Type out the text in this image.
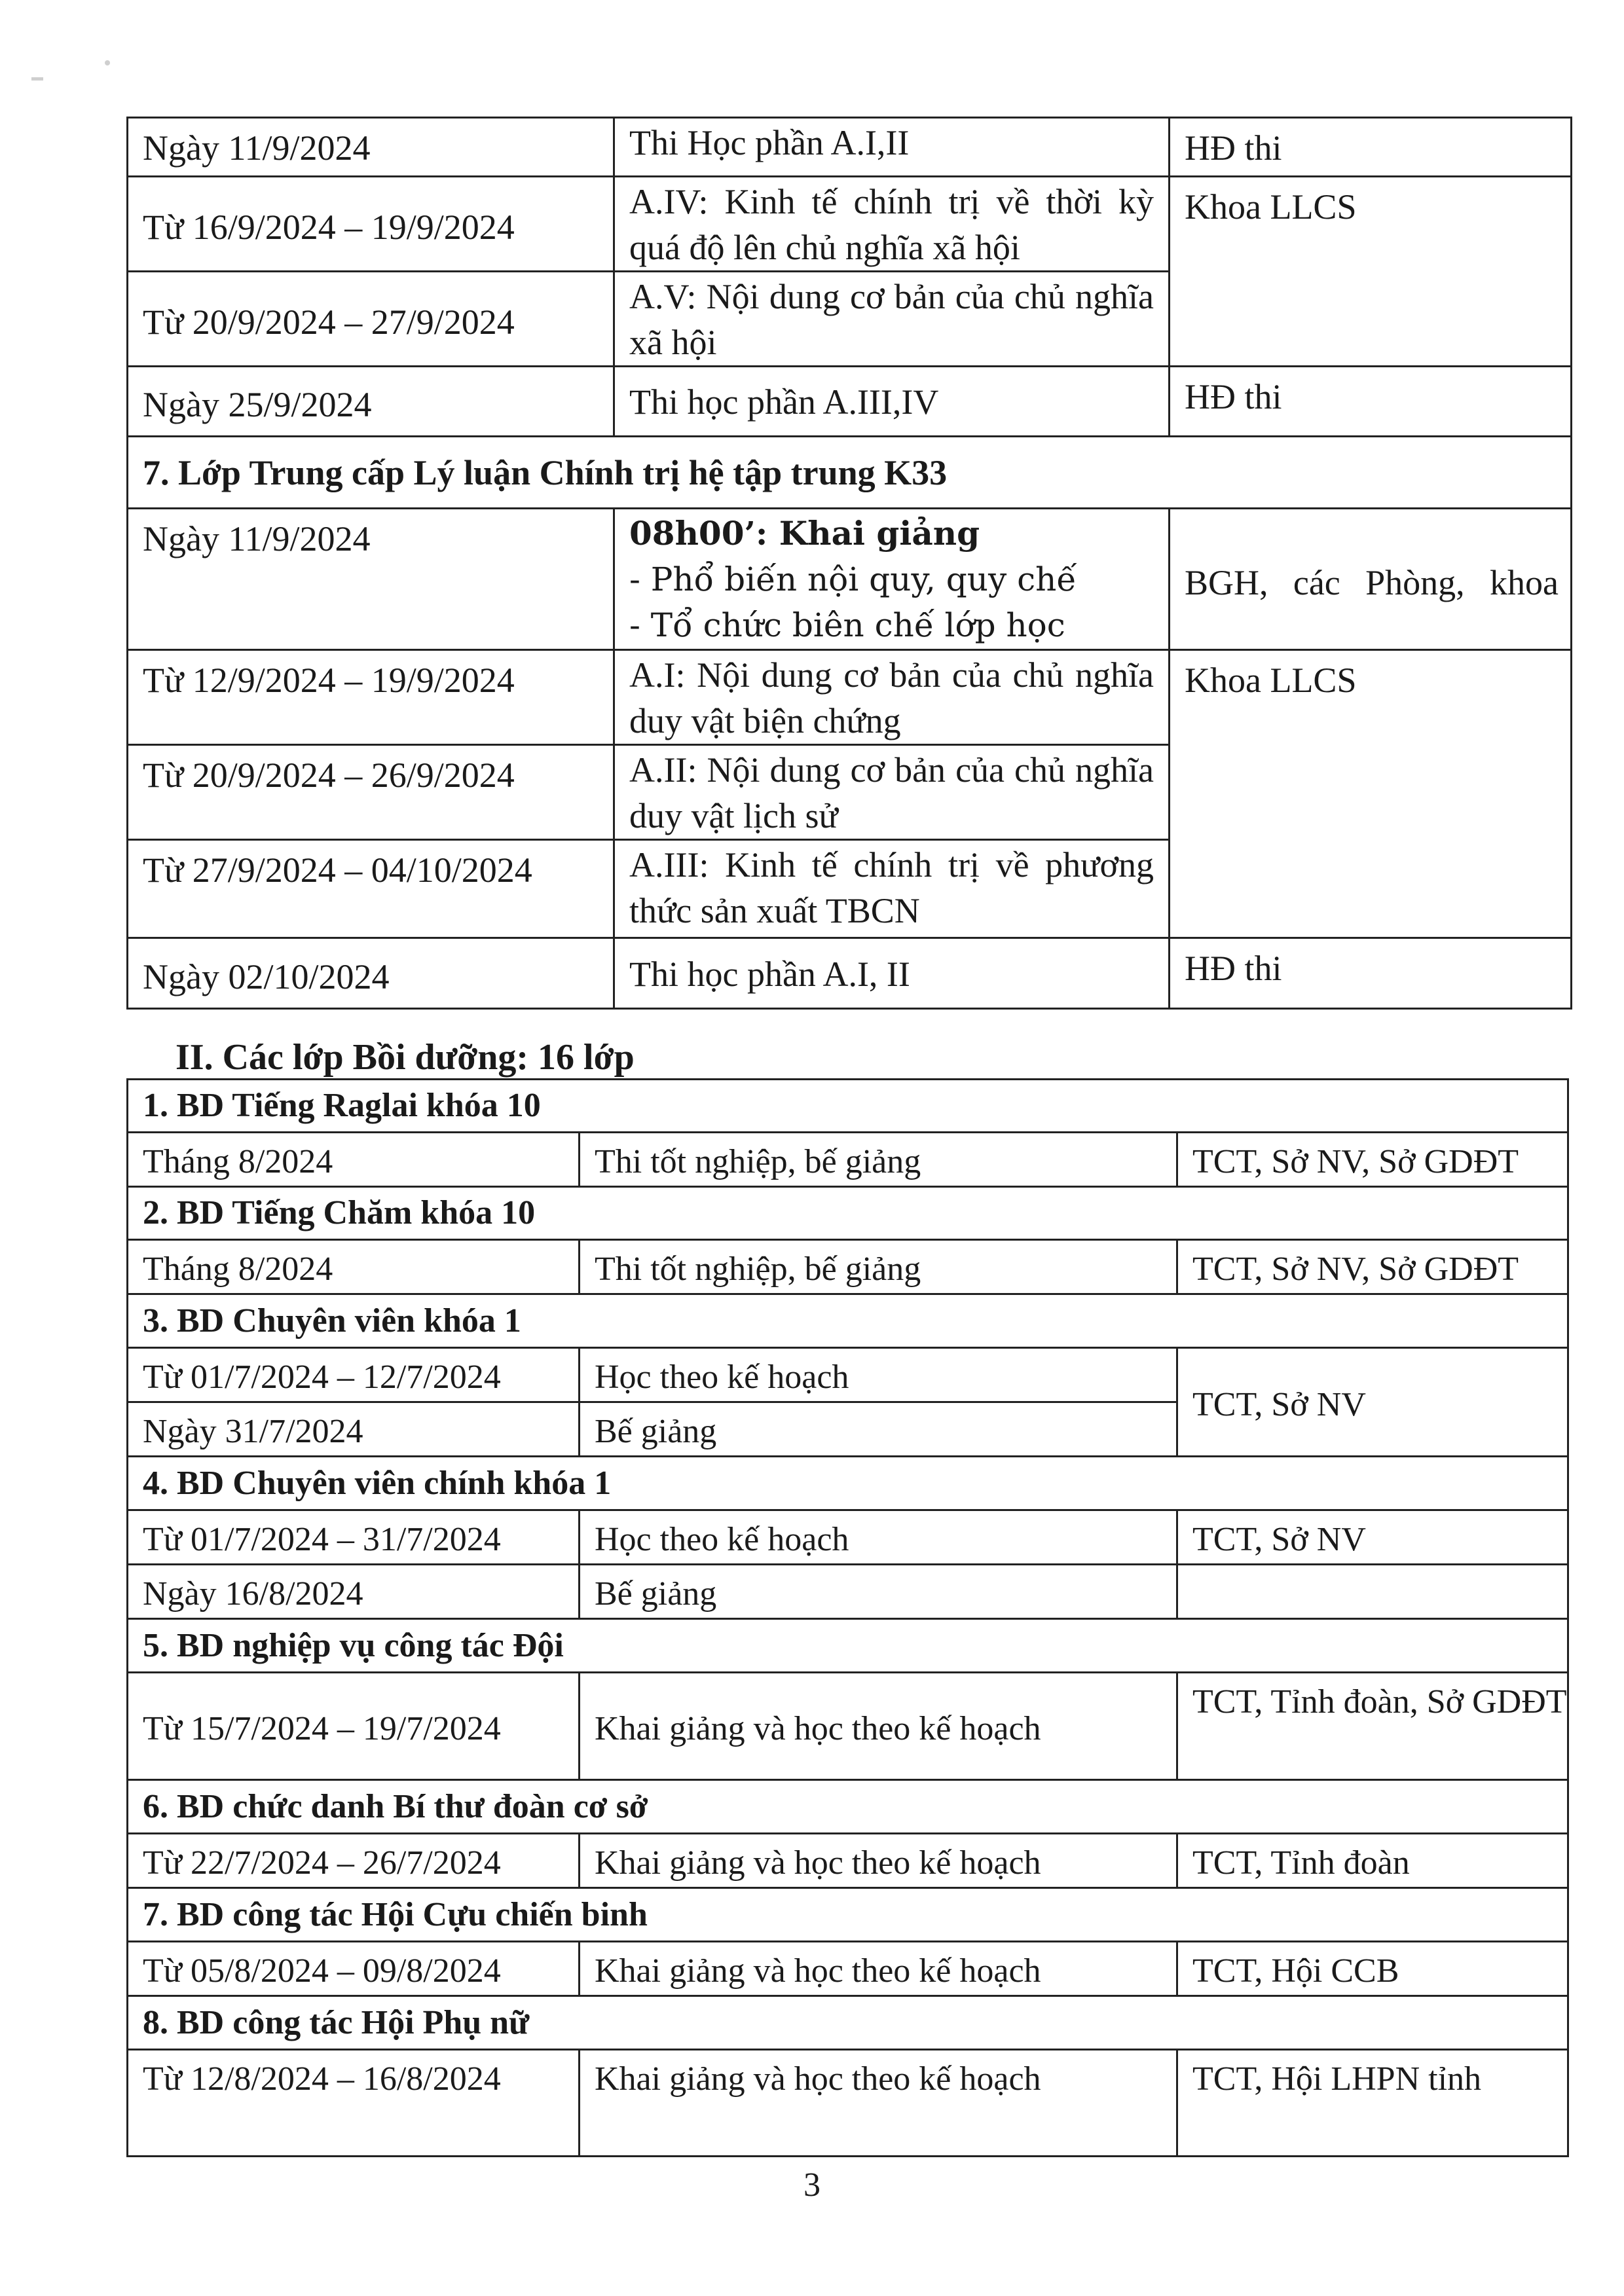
Ngày 11/9/2024	Thi Học phần A.I,II	HĐ thi
Từ 16/9/2024 – 19/9/2024	A.IV: Kinh tế chính trị về thời kỳ quá độ lên chủ nghĩa xã hội	Khoa LLCS
Từ 20/9/2024 – 27/9/2024	A.V: Nội dung cơ bản của chủ nghĩa xã hội	
Ngày 25/9/2024	Thi học phần A.III,IV	HĐ thi
7. Lớp Trung cấp Lý luận Chính trị hệ tập trung K33		
Ngày 11/9/2024	08h00’: Khai giảng
- Phổ biến nội quy, quy chế
- Tổ chức biên chế lớp học	BGH, các Phòng, khoa

Từ 12/9/2024 – 19/9/2024	A.I: Nội dung cơ bản của chủ nghĩa duy vật biện chứng	Khoa LLCS
Từ 20/9/2024 – 26/9/2024	A.II: Nội dung cơ bản của chủ nghĩa duy vật lịch sử	
Từ 27/9/2024 – 04/10/2024	A.III: Kinh tế chính trị về phương thức sản xuất TBCN	
Ngày 02/10/2024	Thi học phần A.I, II	HĐ thi
II. Các lớp Bồi dưỡng: 16 lớp
1. BD Tiếng Raglai khóa 10		
Tháng 8/2024	Thi tốt nghiệp, bế giảng	TCT, Sở NV, Sở GDĐT
2. BD Tiếng Chăm khóa 10		
Tháng 8/2024	Thi tốt nghiệp, bế giảng	TCT, Sở NV, Sở GDĐT
3. BD Chuyên viên khóa 1		
Từ 01/7/2024 – 12/7/2024	Học theo kế hoạch	TCT, Sở NV
Ngày 31/7/2024	Bế giảng	
4. BD Chuyên viên chính khóa 1		
Từ 01/7/2024 – 31/7/2024	Học theo kế hoạch	TCT, Sở NV
Ngày 16/8/2024	Bế giảng	
5. BD nghiệp vụ công tác Đội		
Từ 15/7/2024 – 19/7/2024	Khai giảng và học theo kế hoạch	TCT, Tỉnh đoàn, Sở GDĐT
6. BD chức danh Bí thư đoàn cơ sở		
Từ 22/7/2024 – 26/7/2024	Khai giảng và học theo kế hoạch	TCT, Tỉnh đoàn
7. BD công tác Hội Cựu chiến binh		
Từ 05/8/2024 – 09/8/2024	Khai giảng và học theo kế hoạch	TCT, Hội CCB
8. BD công tác Hội Phụ nữ		
Từ 12/8/2024 – 16/8/2024	Khai giảng và học theo kế hoạch	TCT, Hội LHPN tỉnh
3
